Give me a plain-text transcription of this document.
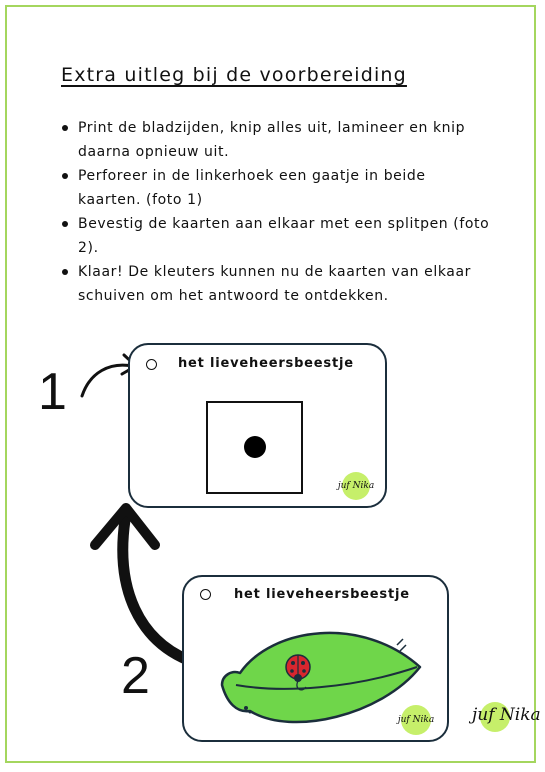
Extra uitleg bij de voorbereiding
Print de bladzijden, knip alles uit, lamineer en knip daarna opnieuw uit.
Perforeer in de linkerhoek een gaatje in beide kaarten. (foto 1)
Bevestig de kaarten aan elkaar met een splitpen (foto 2).
Klaar! De kleuters kunnen nu de kaarten van elkaar schuiven om het antwoord te ontdekken.
1
2
het lieveheersbeestje
juf Nika
het lieveheersbeestje
juf Nika juf Nika
